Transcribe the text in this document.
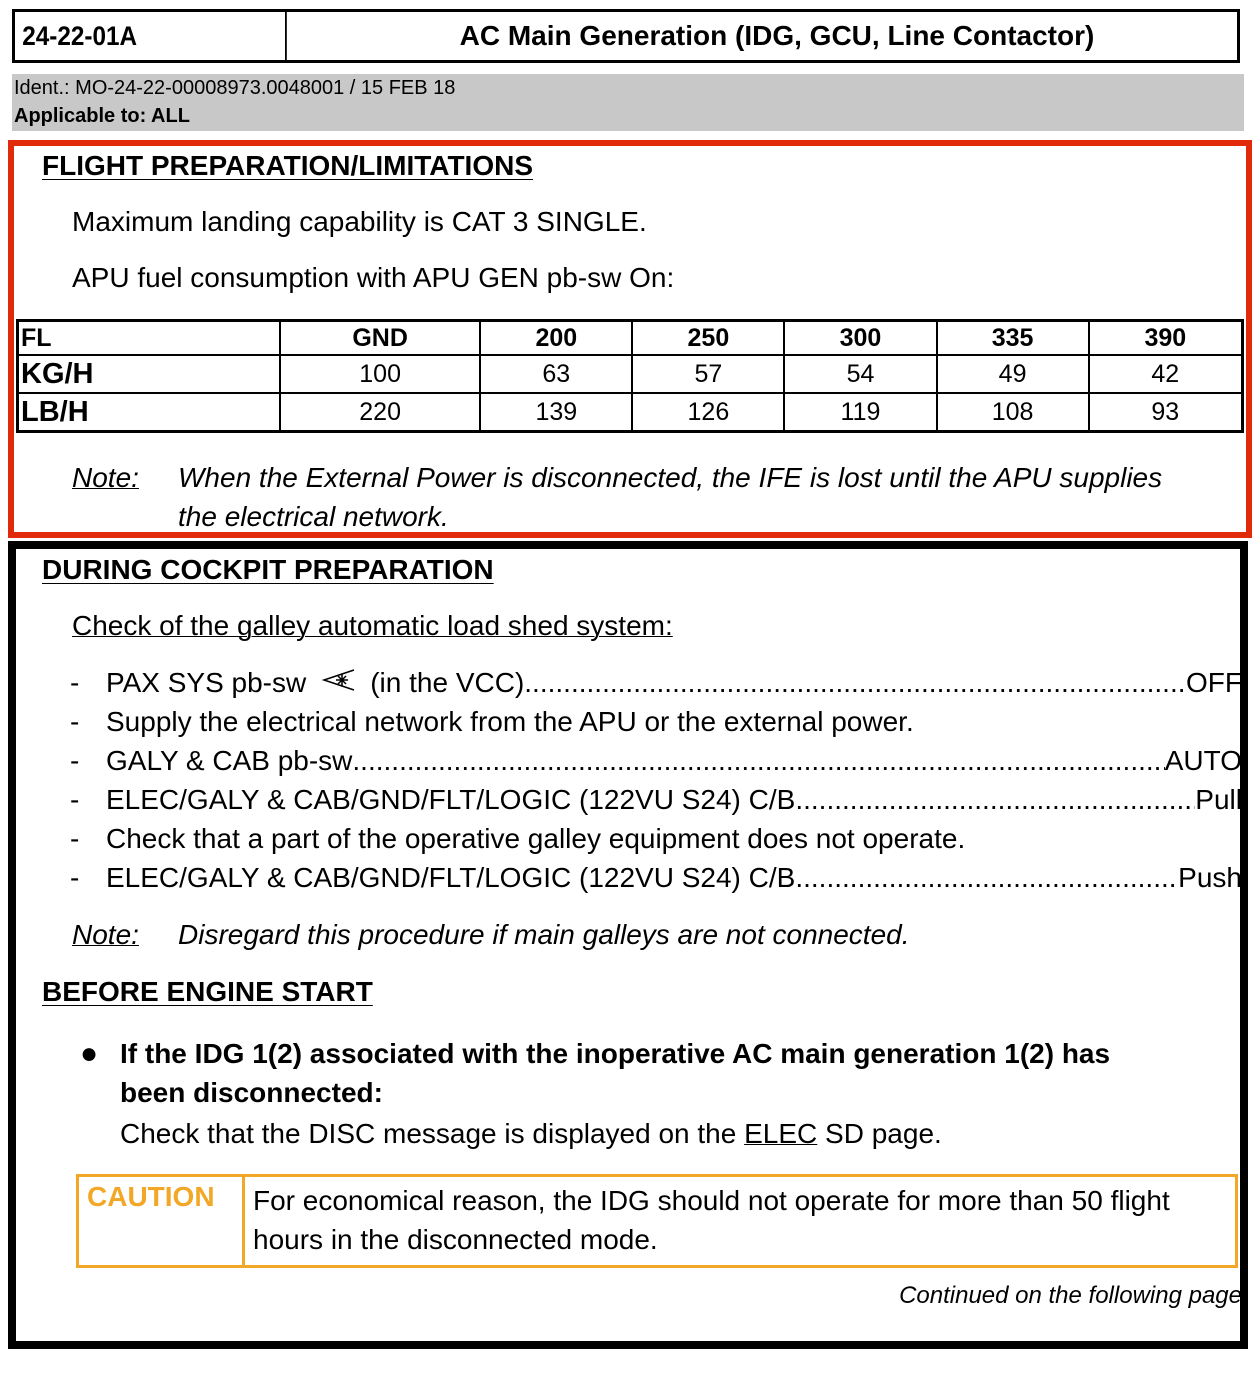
24-22-01A	AC Main Generation (IDG, GCU, Line Contactor)
Ident.: MO-24-22-00008973.0048001 / 15 FEB 18
Applicable to: ALL
FLIGHT PREPARATION/LIMITATIONS
Maximum landing capability is CAT 3 SINGLE.
APU fuel consumption with APU GEN pb-sw On:
FL	GND	200	250	300	335	390
KG/H	100	63	57	54	49	42
LB/H	220	139	126	119	108	93
Note:	When the External Power is disconnected, the IFE is lost until the APU supplies the electrical network.
DURING COCKPIT PREPARATION
Check of the galley automatic load shed system:
- PAX SYS pb-sw (in the VCC) .....	OFF
- Supply the electrical network from the APU or the external power.
- GALY & CAB pb-sw .....	AUTO
- ELEC/GALY & CAB/GND/FLT/LOGIC (122VU S24) C/B .....	Pull
- Check that a part of the operative galley equipment does not operate.
- ELEC/GALY & CAB/GND/FLT/LOGIC (122VU S24) C/B .....	Push
Note:	Disregard this procedure if main galleys are not connected.
BEFORE ENGINE START
● If the IDG 1(2) associated with the inoperative AC main generation 1(2) has been disconnected:
Check that the DISC message is displayed on the ELEC SD page.
CAUTION	For economical reason, the IDG should not operate for more than 50 flight hours in the disconnected mode.
Continued on the following page
